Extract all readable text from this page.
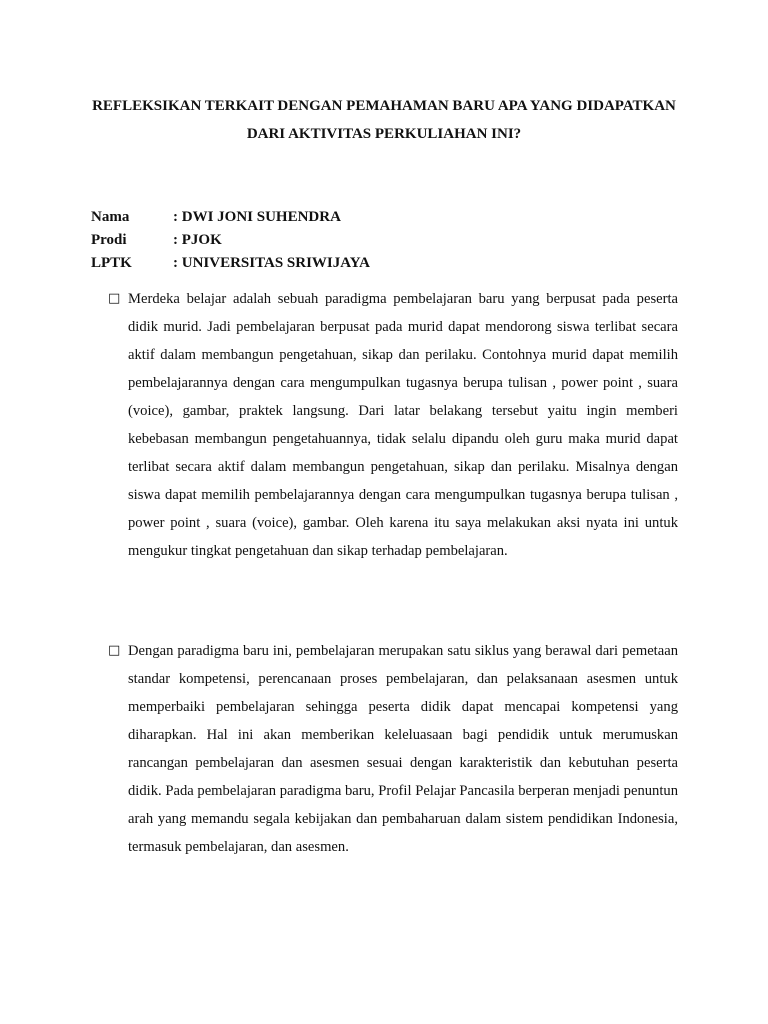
REFLEKSIKAN TERKAIT DENGAN PEMAHAMAN BARU APA YANG DIDAPATKAN
DARI AKTIVITAS PERKULIAHAN INI?
Nama	: DWI JONI SUHENDRA
Prodi	: PJOK
LPTK	: UNIVERSITAS SRIWIJAYA
□ Merdeka belajar adalah sebuah paradigma pembelajaran baru yang berpusat pada peserta didik murid. Jadi pembelajaran berpusat pada murid dapat mendorong siswa terlibat secara aktif dalam membangun pengetahuan, sikap dan perilaku. Contohnya murid dapat memilih pembelajarannya dengan cara mengumpulkan tugasnya berupa tulisan , power point , suara (voice), gambar, praktek langsung. Dari latar belakang tersebut yaitu ingin memberi kebebasan membangun pengetahuannya, tidak selalu dipandu oleh guru maka murid dapat terlibat secara aktif dalam membangun pengetahuan, sikap dan perilaku. Misalnya dengan siswa dapat memilih pembelajarannya dengan cara mengumpulkan tugasnya berupa tulisan , power point , suara (voice), gambar. Oleh karena itu saya melakukan aksi nyata ini untuk mengukur tingkat pengetahuan dan sikap terhadap pembelajaran.

□ Dengan paradigma baru ini, pembelajaran merupakan satu siklus yang berawal dari pemetaan standar kompetensi, perencanaan proses pembelajaran, dan pelaksanaan asesmen untuk memperbaiki pembelajaran sehingga peserta didik dapat mencapai kompetensi yang diharapkan. Hal ini akan memberikan keleluasaan bagi pendidik untuk merumuskan rancangan pembelajaran dan asesmen sesuai dengan karakteristik dan kebutuhan peserta didik. Pada pembelajaran paradigma baru, Profil Pelajar Pancasila berperan menjadi penuntun arah yang memandu segala kebijakan dan pembaharuan dalam sistem pendidikan Indonesia, termasuk pembelajaran, dan asesmen.
